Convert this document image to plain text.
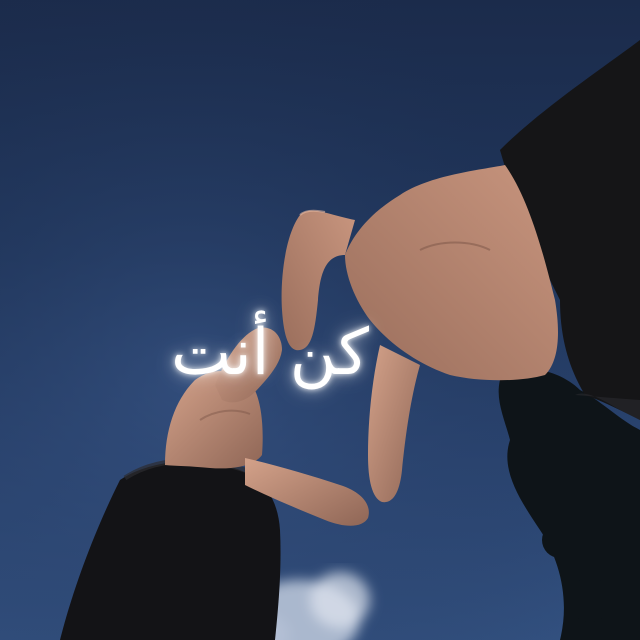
كن أنت
